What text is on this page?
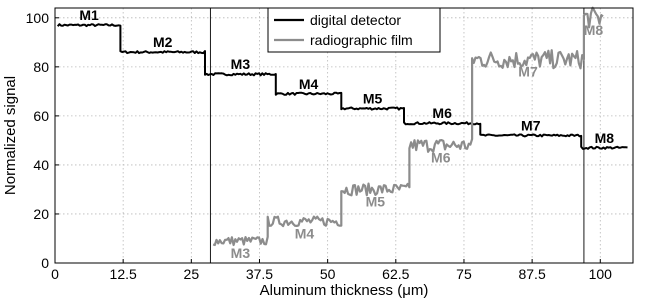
M1
M2
M3
M4
M5
M6
M7
M8
M3
M4
M5
M6
M7
M8
0	12.5	25	37.5	50	62.5	75	87.5	100
0
20
40
60
80
100	digital detector
radiographic film
Aluminum thickness (μm)
Normalized signal
